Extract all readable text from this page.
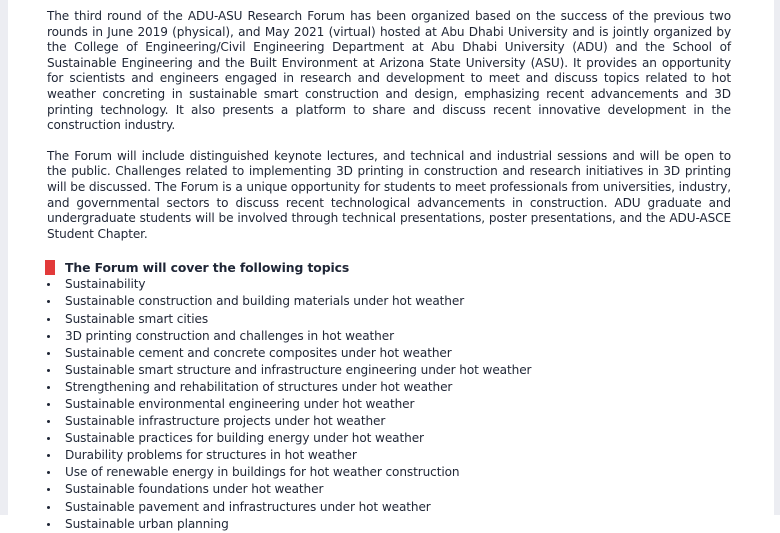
The third round of the ADU-ASU Research Forum has been organized based on the success of the previous two rounds in June 2019 (physical), and May 2021 (virtual) hosted at Abu Dhabi University and is jointly organized by the College of Engineering/Civil Engineering Department at Abu Dhabi University (ADU) and the School of Sustainable Engineering and the Built Environment at Arizona State University (ASU). It provides an opportunity for scientists and engineers engaged in research and development to meet and discuss topics related to hot weather concreting in sustainable smart construction and design, emphasizing recent advancements and 3D printing technology. It also presents a platform to share and discuss recent innovative development in the construction industry.

The Forum will include distinguished keynote lectures, and technical and industrial sessions and will be open to the public. Challenges related to implementing 3D printing in construction and research initiatives in 3D printing will be discussed. The Forum is a unique opportunity for students to meet professionals from universities, industry, and governmental sectors to discuss recent technological advancements in construction. ADU graduate and undergraduate students will be involved through technical presentations, poster presentations, and the ADU-ASCE Student Chapter.

The Forum will cover the following topics
Sustainability
Sustainable construction and building materials under hot weather
Sustainable smart cities
3D printing construction and challenges in hot weather
Sustainable cement and concrete composites under hot weather
Sustainable smart structure and infrastructure engineering under hot weather
Strengthening and rehabilitation of structures under hot weather
Sustainable environmental engineering under hot weather
Sustainable infrastructure projects under hot weather
Sustainable practices for building energy under hot weather
Durability problems for structures in hot weather
Use of renewable energy in buildings for hot weather construction
Sustainable foundations under hot weather
Sustainable pavement and infrastructures under hot weather
Sustainable urban planning
